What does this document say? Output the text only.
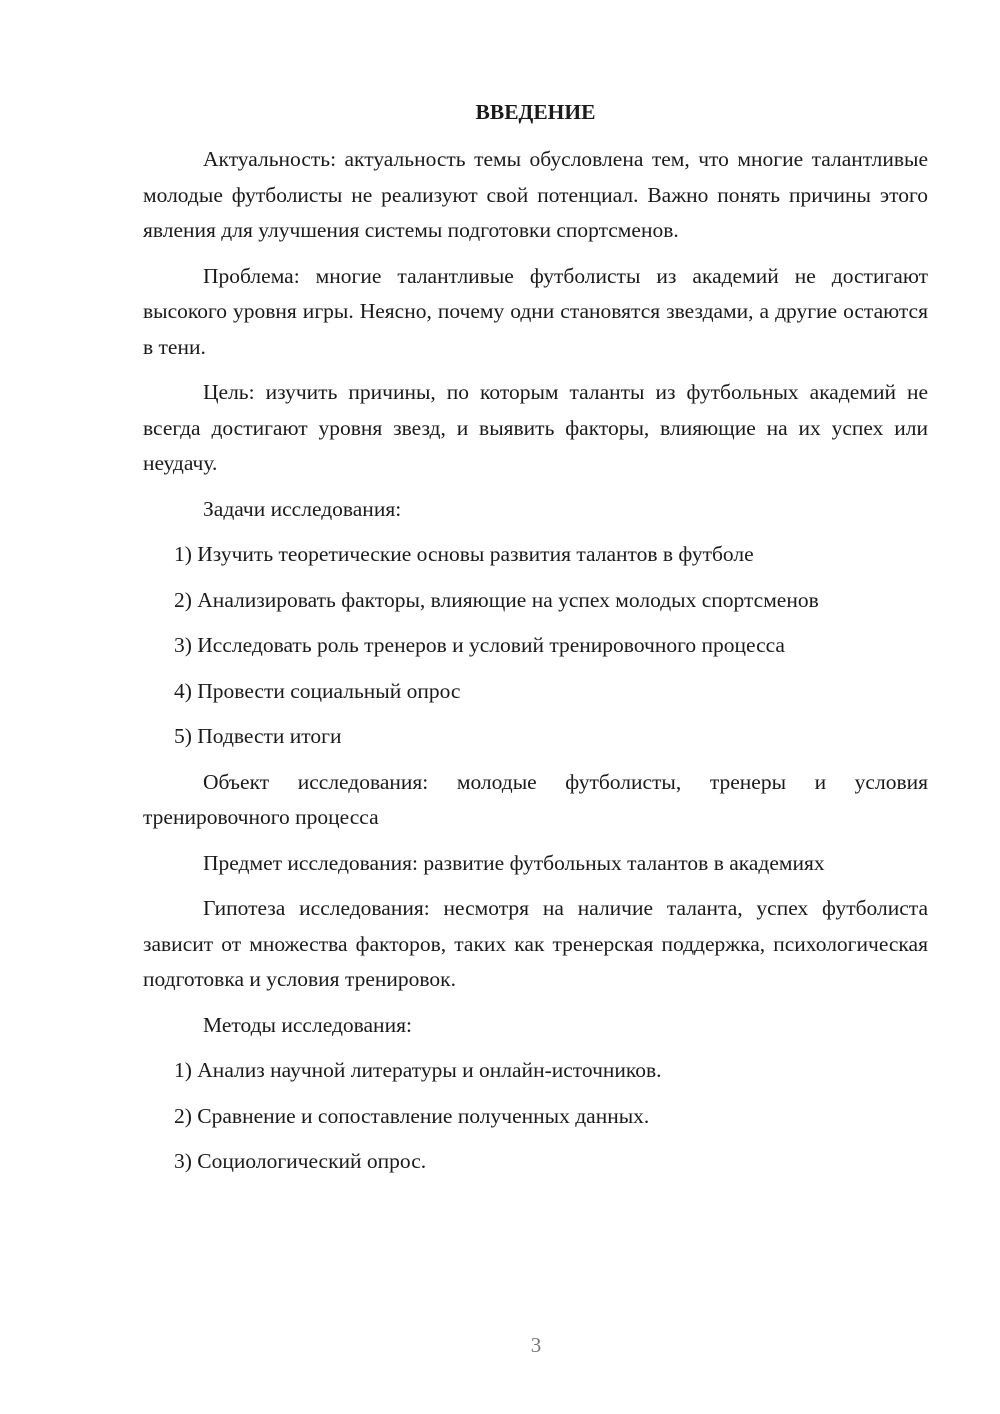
ВВЕДЕНИЕ
Актуальность: актуальность темы обусловлена тем, что многие талантливые молодые футболисты не реализуют свой потенциал. Важно понять причины этого явления для улучшения системы подготовки спортсменов.
Проблема: многие талантливые футболисты из академий не достигают высокого уровня игры. Неясно, почему одни становятся звездами, а другие остаются в тени.
Цель: изучить причины, по которым таланты из футбольных академий не всегда достигают уровня звезд, и выявить факторы, влияющие на их успех или неудачу.
Задачи исследования:
1) Изучить теоретические основы развития талантов в футболе
2) Анализировать факторы, влияющие на успех молодых спортсменов
3) Исследовать роль тренеров и условий тренировочного процесса
4) Провести социальный опрос
5) Подвести итоги
Объект исследования: молодые футболисты, тренеры и условия тренировочного процесса
Предмет исследования: развитие футбольных талантов в академиях
Гипотеза исследования: несмотря на наличие таланта, успех футболиста зависит от множества факторов, таких как тренерская поддержка, психологическая подготовка и условия тренировок.
Методы исследования:
1) Анализ научной литературы и онлайн-источников.
2) Сравнение и сопоставление полученных данных.
3) Социологический опрос.
3
